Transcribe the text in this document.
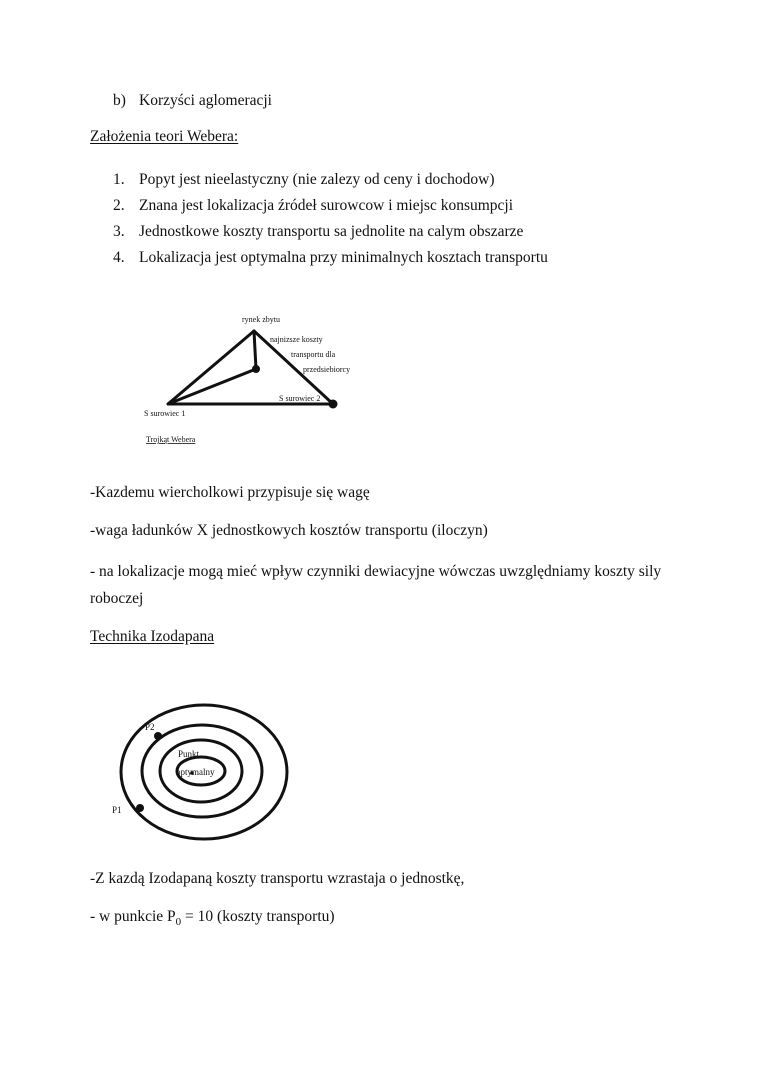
b) Korzyści aglomeracji
Założenia teori Webera:
1. Popyt jest nieelastyczny (nie zalezy od ceny i dochodow)
2. Znana jest lokalizacja źródeł surowcow i miejsc konsumpcji
3. Jednostkowe koszty transportu sa jednolite na calym obszarze
4. Lokalizacja jest optymalna przy minimalnych kosztach transportu
rynek zbytu
najnizsze koszty
transportu dla
przedsiebiorcy
S surowiec 2
S surowiec 1
Trojkąt Webera
-Kazdemu wiercholkowi przypisuje się wagę
-waga ładunków X jednostkowych kosztów transportu (iloczyn)
- na lokalizacje mogą mieć wpływ czynniki dewiacyjne wówczas uwzględniamy koszty sily
roboczej
Technika Izodapana
P2
P1
Punkt
optymalny
-Z kazdą Izodapaną koszty transportu wzrastaja o jednostkę,
- w punkcie $P_0 = 10$ (koszty transportu)
